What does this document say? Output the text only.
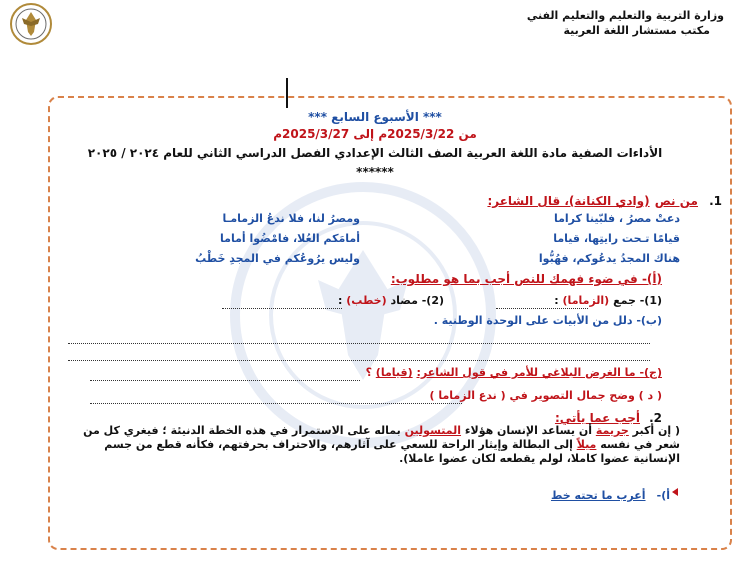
وزارة التربية والتعليم والتعليم الفني
مكتب مستشار اللغة العربية
*** الأسبوع السابع ***
من 2025/3/22م إلى 2025/3/27م
الأداءات الصفية مادة اللغة العربية الصف الثالث الإعدادي الفصل الدراسي الثاني للعام ٢٠٢٤ / ٢٠٢٥
******
1. من نص (وادي الكنانة)، قال الشاعر:
دعتْ مصرُ ، فلبّينا كراما
ومصرُ لنا، فلا ندعُ الزمامـا
قيامًا تـحت رايتِها، قياما
أمامَكم العُلا، فامْضُوا أماما
هناك المجدُ يدعُوكم، فهُبُّوا
وليس يرُوعُكم في المجدِ خَطْبُ
(أ)- في ضوء فهمك للنص أجب بما هو مطلوب:
(1)- جمع (الزماما) :
(2)- مضاد (خطب) :
(ب)- دلل من الأبيات على الوحدة الوطنية .
(ج)- ما الغرض البلاغي للأمر في قول الشاعر: (قياما) ؟
( د ) وضح جمال التصوير في ( ندع الزماما )
2. أجب عما يأتي:
( إن أكبر جريمة أن يساعد الإنسان هؤلاء المتسولين بماله على الاستمرار في هذه الخطة الدنيئة ؛ فيغري كل من شعر في نفسه ميلاً إلى البطالة وإيثار الراحة للسعي على آثارهم، والاحتراف بحرفتهم، فكأنه قطع من جسم الإنسانية عضوا كاملا، لولم يقطعه لكان عضوا عاملا).
أ)- أعرب ما تحته خط
